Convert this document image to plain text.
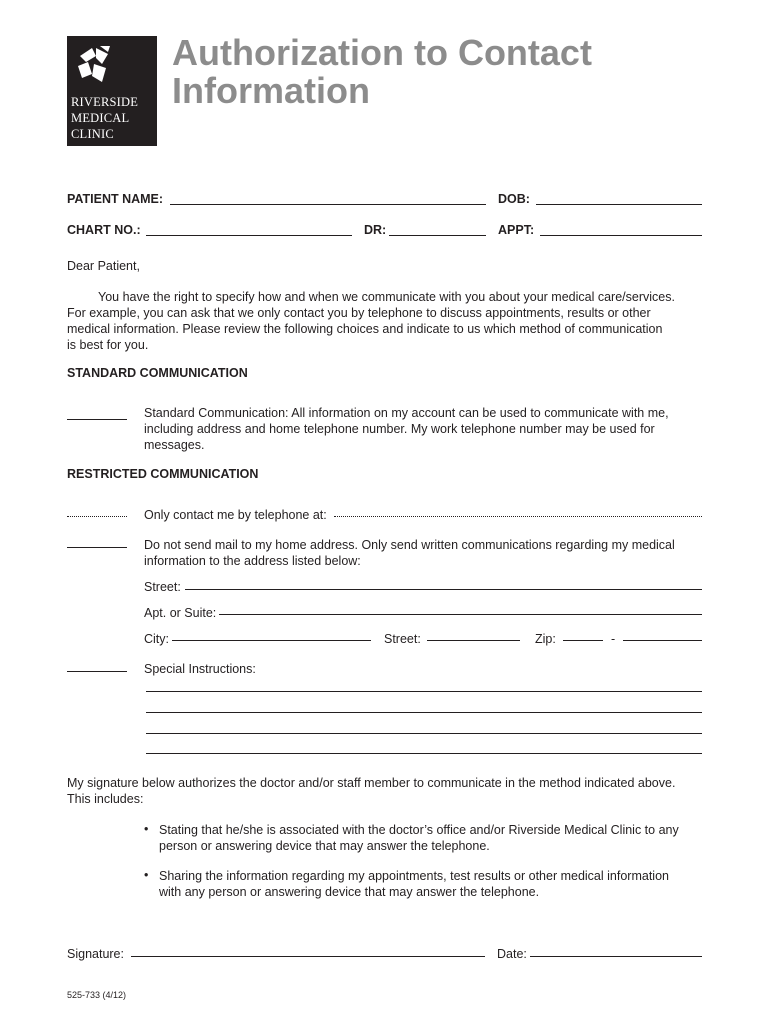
RIVERSIDE
MEDICAL
CLINIC
Authorization to Contact
Information
PATIENT NAME:	DOB:
CHART NO.:	DR:	APPT:
Dear Patient,
You have the right to specify how and when we communicate with you about your medical care/services.
For example, you can ask that we only contact you by telephone to discuss appointments, results or other
medical information. Please review the following choices and indicate to us which method of communication
is best for you.
STANDARD COMMUNICATION
Standard Communication: All information on my account can be used to communicate with me,
including address and home telephone number. My work telephone number may be used for
messages.
RESTRICTED COMMUNICATION
Only contact me by telephone at:
Do not send mail to my home address. Only send written communications regarding my medical
information to the address listed below:
Street:
Apt. or Suite:
City:	Street:	Zip:	-
Special Instructions:
My signature below authorizes the doctor and/or staff member to communicate in the method indicated above.
This includes:
• Stating that he/she is associated with the doctor’s office and/or Riverside Medical Clinic to any
person or answering device that may answer the telephone.
• Sharing the information regarding my appointments, test results or other medical information
with any person or answering device that may answer the telephone.
Signature:	Date:
525-733 (4/12)
